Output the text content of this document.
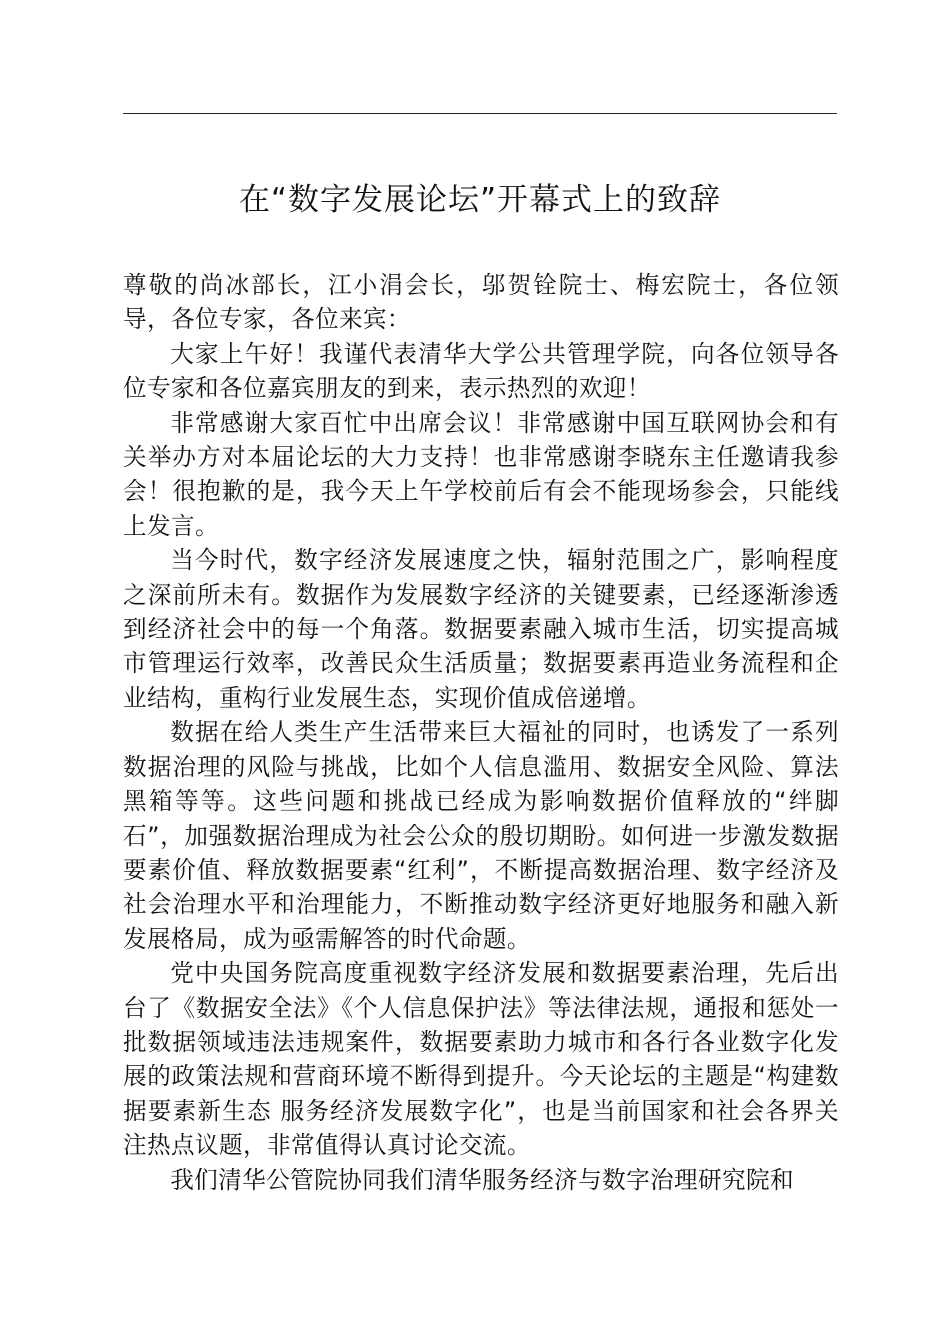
在“数字发展论坛”开幕式上的致辞

尊敬的尚冰部长，江小涓会长，邬贺铨院士、梅宏院士，各位领导，各位专家，各位来宾：

大家上午好！我谨代表清华大学公共管理学院，向各位领导各位专家和各位嘉宾朋友的到来，表示热烈的欢迎！

非常感谢大家百忙中出席会议！非常感谢中国互联网协会和有关举办方对本届论坛的大力支持！也非常感谢李晓东主任邀请我参会！很抱歉的是，我今天上午学校前后有会不能现场参会，只能线上发言。

当今时代，数字经济发展速度之快，辐射范围之广，影响程度之深前所未有。数据作为发展数字经济的关键要素，已经逐渐渗透到经济社会中的每一个角落。数据要素融入城市生活，切实提高城市管理运行效率，改善民众生活质量；数据要素再造业务流程和企业结构，重构行业发展生态，实现价值成倍递增。

数据在给人类生产生活带来巨大福祉的同时，也诱发了一系列数据治理的风险与挑战，比如个人信息滥用、数据安全风险、算法黑箱等等。这些问题和挑战已经成为影响数据价值释放的“绊脚石”，加强数据治理成为社会公众的殷切期盼。如何进一步激发数据要素价值、释放数据要素“红利”，不断提高数据治理、数字经济及社会治理水平和治理能力，不断推动数字经济更好地服务和融入新发展格局，成为亟需解答的时代命题。

党中央国务院高度重视数字经济发展和数据要素治理，先后出台了《数据安全法》《个人信息保护法》等法律法规，通报和惩处一批数据领域违法违规案件，数据要素助力城市和各行各业数字化发展的政策法规和营商环境不断得到提升。今天论坛的主题是“构建数据要素新生态 服务经济发展数字化”，也是当前国家和社会各界关注热点议题，非常值得认真讨论交流。

我们清华公管院协同我们清华服务经济与数字治理研究院和
